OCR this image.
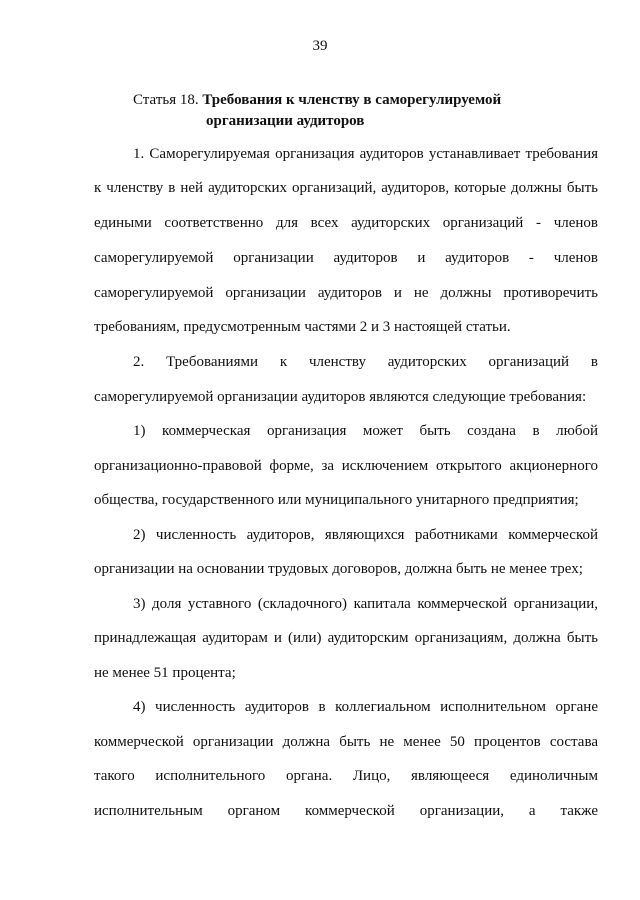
39
Статья 18. Требования к членству в саморегулируемой
организации аудиторов
1. Саморегулируемая организация аудиторов устанавливает требования
к членству в ней аудиторских организаций, аудиторов, которые должны быть
едиными соответственно для всех аудиторских организаций - членов
саморегулируемой организации аудиторов и аудиторов - членов
саморегулируемой организации аудиторов и не должны противоречить
требованиям, предусмотренным частями 2 и 3 настоящей статьи.
2. Требованиями к членству аудиторских организаций в
саморегулируемой организации аудиторов являются следующие требования:
1) коммерческая организация может быть создана в любой
организационно-правовой форме, за исключением открытого акционерного
общества, государственного или муниципального унитарного предприятия;
2) численность аудиторов, являющихся работниками коммерческой
организации на основании трудовых договоров, должна быть не менее трех;
3) доля уставного (складочного) капитала коммерческой организации,
принадлежащая аудиторам и (или) аудиторским организациям, должна быть
не менее 51 процента;
4) численность аудиторов в коллегиальном исполнительном органе
коммерческой организации должна быть не менее 50 процентов состава
такого исполнительного органа. Лицо, являющееся единоличным
исполнительным органом коммерческой организации, а также
